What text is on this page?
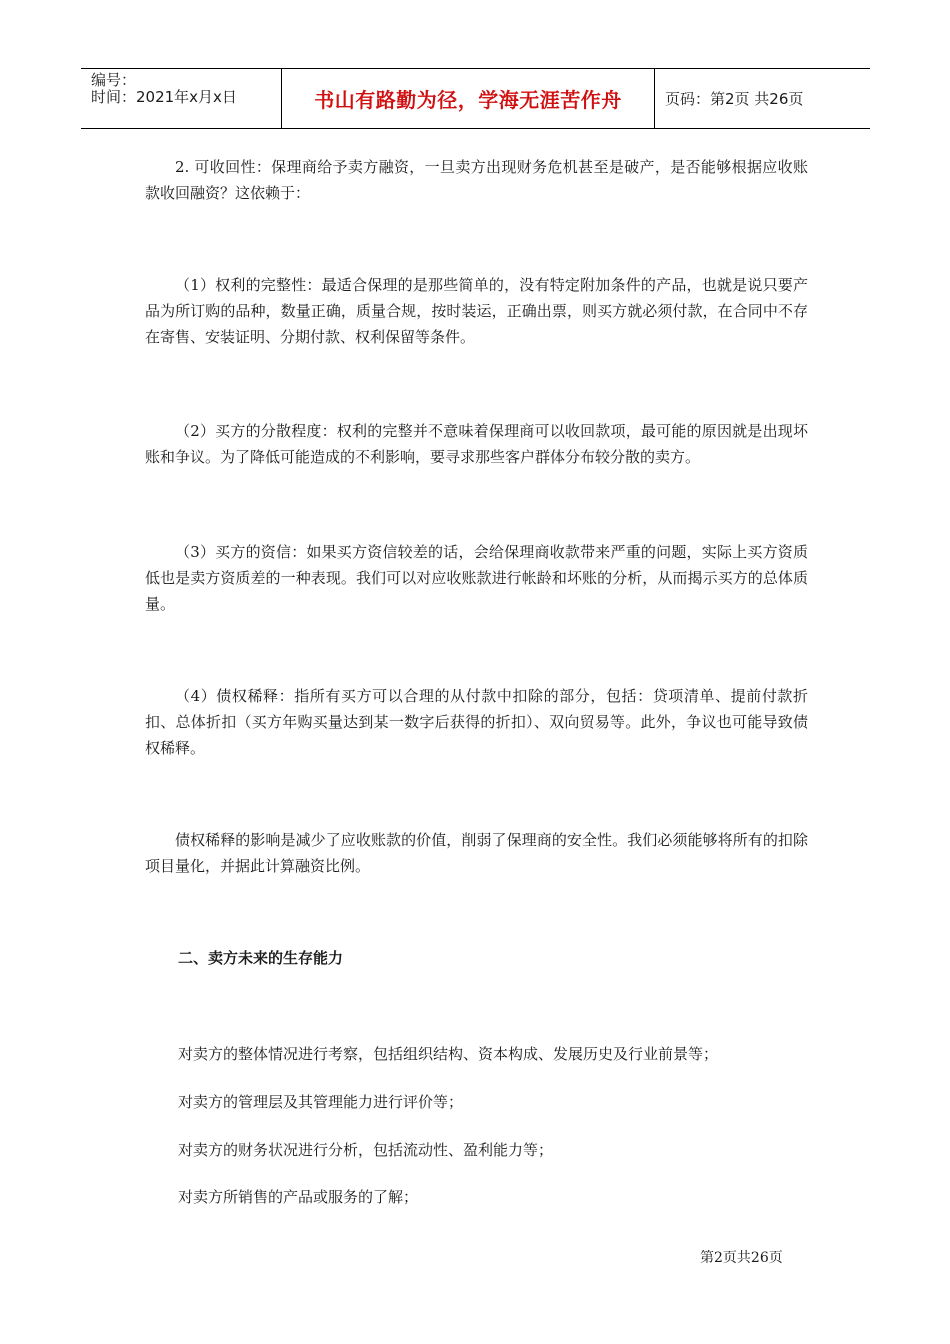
编号：
时间：2021年x月x日	书山有路勤为径，学海无涯苦作舟	页码：第2页 共26页

2. 可收回性：保理商给予卖方融资，一旦卖方出现财务危机甚至是破产，是否能够根据应收账款收回融资？这依赖于：

（1）权利的完整性：最适合保理的是那些简单的，没有特定附加条件的产品，也就是说只要产品为所订购的品种，数量正确，质量合规，按时装运，正确出票，则买方就必须付款，在合同中不存在寄售、安装证明、分期付款、权利保留等条件。

（2）买方的分散程度：权利的完整并不意味着保理商可以收回款项，最可能的原因就是出现坏账和争议。为了降低可能造成的不利影响，要寻求那些客户群体分布较分散的卖方。

（3）买方的资信：如果买方资信较差的话，会给保理商收款带来严重的问题，实际上买方资质低也是卖方资质差的一种表现。我们可以对应收账款进行帐龄和坏账的分析，从而揭示买方的总体质量。

（4）债权稀释：指所有买方可以合理的从付款中扣除的部分，包括：贷项清单、提前付款折扣、总体折扣（买方年购买量达到某一数字后获得的折扣）、双向贸易等。此外，争议也可能导致债权稀释。

债权稀释的影响是减少了应收账款的价值，削弱了保理商的安全性。我们必须能够将所有的扣除项目量化，并据此计算融资比例。

二、卖方未来的生存能力

对卖方的整体情况进行考察，包括组织结构、资本构成、发展历史及行业前景等；

对卖方的管理层及其管理能力进行评价等；

对卖方的财务状况进行分析，包括流动性、盈利能力等；

对卖方所销售的产品或服务的了解；

第2页共26页
